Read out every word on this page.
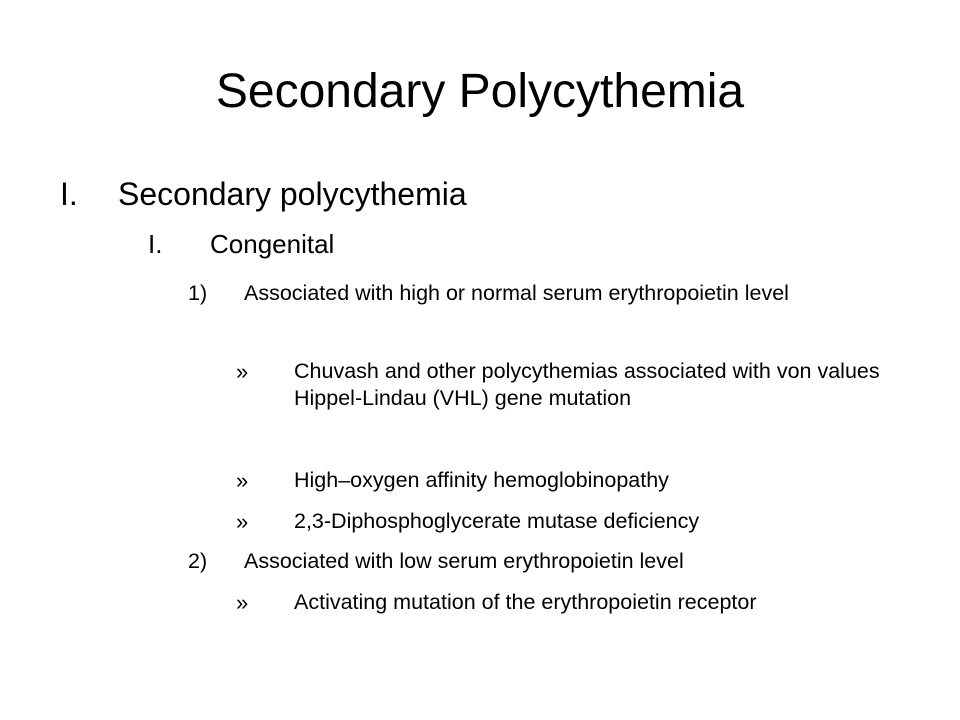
Secondary Polycythemia
I.	Secondary polycythemia
I.	Congenital
1)	Associated with high or normal serum erythropoietin level
»	Chuvash and other polycythemias associated with von values Hippel-Lindau (VHL) gene mutation
»	High–oxygen affinity hemoglobinopathy
»	2,3-Diphosphoglycerate mutase deficiency
2)	Associated with low serum erythropoietin level
»	Activating mutation of the erythropoietin receptor
